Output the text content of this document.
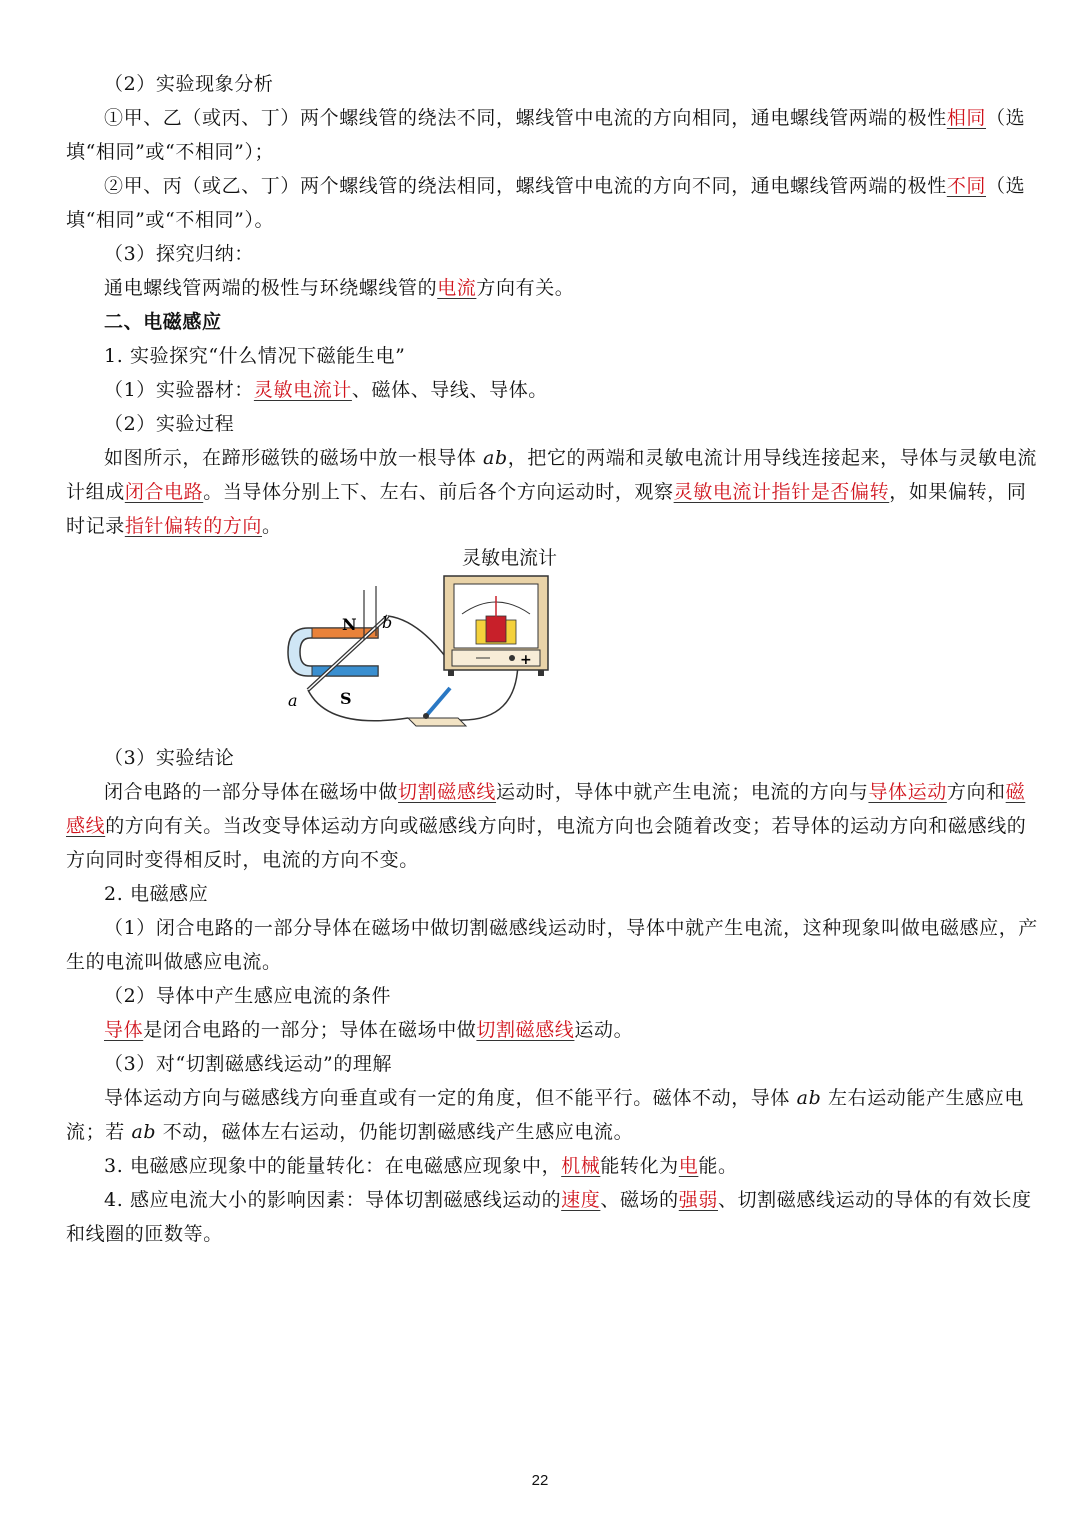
（2）实验现象分析
①甲、乙（或丙、丁）两个螺线管的绕法不同，螺线管中电流的方向相同，通电螺线管两端的极性相同（选
填“相同”或“不相同”）；
②甲、丙（或乙、丁）两个螺线管的绕法相同，螺线管中电流的方向不同，通电螺线管两端的极性不同（选
填“相同”或“不相同”）。
（3）探究归纳：
通电螺线管两端的极性与环绕螺线管的电流方向有关。
二、电磁感应
1. 实验探究“什么情况下磁能生电”
（1）实验器材：灵敏电流计、磁体、导线、导体。
（2）实验过程
如图所示，在蹄形磁铁的磁场中放一根导体 ab，把它的两端和灵敏电流计用导线连接起来，导体与灵敏电流
计组成闭合电路。当导体分别上下、左右、前后各个方向运动时，观察灵敏电流计指针是否偏转，如果偏转，同
时记录指针偏转的方向。
灵敏电流计
N
S
a
b
+
（3）实验结论
闭合电路的一部分导体在磁场中做切割磁感线运动时，导体中就产生电流；电流的方向与导体运动方向和磁
感线的方向有关。当改变导体运动方向或磁感线方向时，电流方向也会随着改变；若导体的运动方向和磁感线的
方向同时变得相反时，电流的方向不变。
2. 电磁感应
（1）闭合电路的一部分导体在磁场中做切割磁感线运动时，导体中就产生电流，这种现象叫做电磁感应，产
生的电流叫做感应电流。
（2）导体中产生感应电流的条件
导体是闭合电路的一部分；导体在磁场中做切割磁感线运动。
（3）对“切割磁感线运动”的理解
导体运动方向与磁感线方向垂直或有一定的角度，但不能平行。磁体不动，导体 ab 左右运动能产生感应电
流；若 ab 不动，磁体左右运动，仍能切割磁感线产生感应电流。
3. 电磁感应现象中的能量转化：在电磁感应现象中，机械能转化为电能。
4. 感应电流大小的影响因素：导体切割磁感线运动的速度、磁场的强弱、切割磁感线运动的导体的有效长度
和线圈的匝数等。
22
